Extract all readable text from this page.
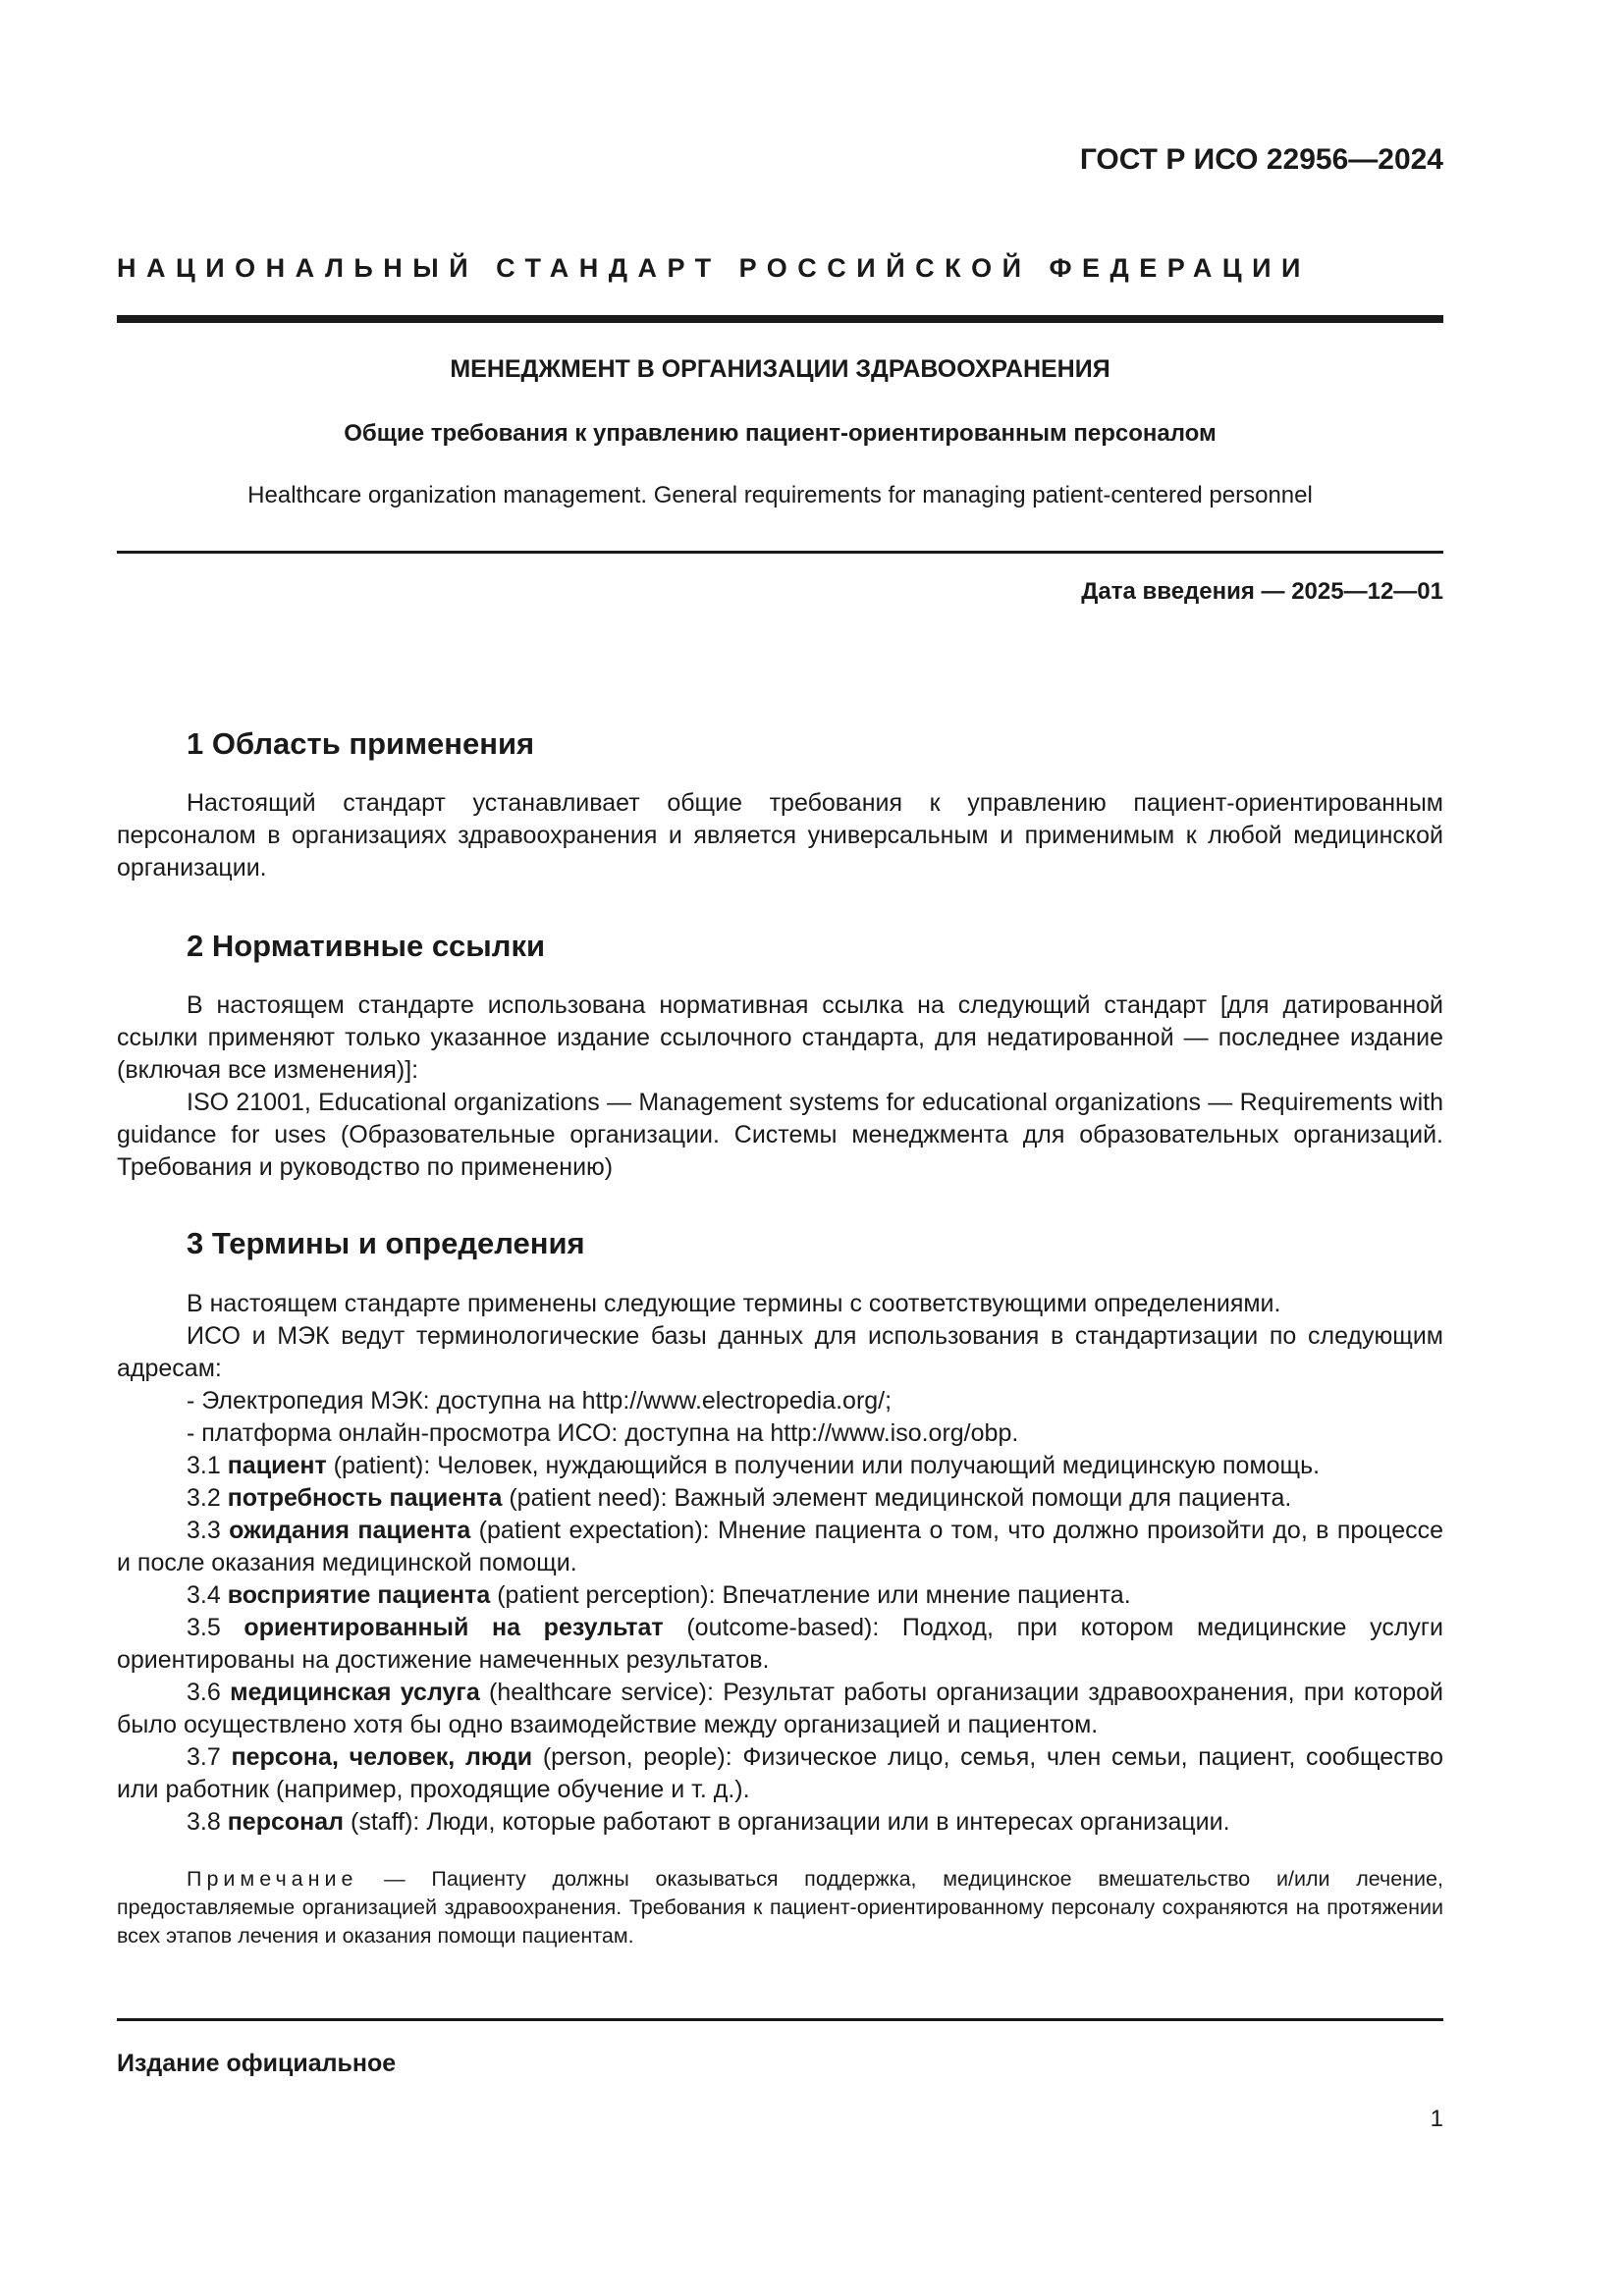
ГОСТ Р ИСО 22956—2024
НАЦИОНАЛЬНЫЙ СТАНДАРТ РОССИЙСКОЙ ФЕДЕРАЦИИ
МЕНЕДЖМЕНТ В ОРГАНИЗАЦИИ ЗДРАВООХРАНЕНИЯ
Общие требования к управлению пациент-ориентированным персоналом
Healthcare organization management. General requirements for managing patient-centered personnel
Дата введения — 2025—12—01
1 Область применения

Настоящий стандарт устанавливает общие требования к управлению пациент-ориентированным персоналом в организациях здравоохранения и является универсальным и применимым к любой медицинской организации.

2 Нормативные ссылки

В настоящем стандарте использована нормативная ссылка на следующий стандарт [для датированной ссылки применяют только указанное издание ссылочного стандарта, для недатированной — последнее издание (включая все изменения)]:

ISO 21001, Educational organizations — Management systems for educational organizations — Requirements with guidance for uses (Образовательные организации. Системы менеджмента для образовательных организаций. Требования и руководство по применению)

3 Термины и определения

В настоящем стандарте применены следующие термины с соответствующими определениями.

ИСО и МЭК ведут терминологические базы данных для использования в стандартизации по следующим адресам:

- Электропедия МЭК: доступна на http://www.electropedia.org/;

- платформа онлайн-просмотра ИСО: доступна на http://www.iso.org/obp.

3.1 пациент (patient): Человек, нуждающийся в получении или получающий медицинскую помощь.

3.2 потребность пациента (patient need): Важный элемент медицинской помощи для пациента.

3.3 ожидания пациента (patient expectation): Мнение пациента о том, что должно произойти до, в процессе и после оказания медицинской помощи.

3.4 восприятие пациента (patient perception): Впечатление или мнение пациента.

3.5 ориентированный на результат (outcome-based): Подход, при котором медицинские услуги ориентированы на достижение намеченных результатов.

3.6 медицинская услуга (healthcare service): Результат работы организации здравоохранения, при которой было осуществлено хотя бы одно взаимодействие между организацией и пациентом.

3.7 персона, человек, люди (person, people): Физическое лицо, семья, член семьи, пациент, сообщество или работник (например, проходящие обучение и т. д.).

3.8 персонал (staff): Люди, которые работают в организации или в интересах организации.

Примечание — Пациенту должны оказываться поддержка, медицинское вмешательство и/или лечение, предоставляемые организацией здравоохранения. Требования к пациент-ориентированному персоналу сохраняются на протяжении всех этапов лечения и оказания помощи пациентам.
Издание официальное
1
